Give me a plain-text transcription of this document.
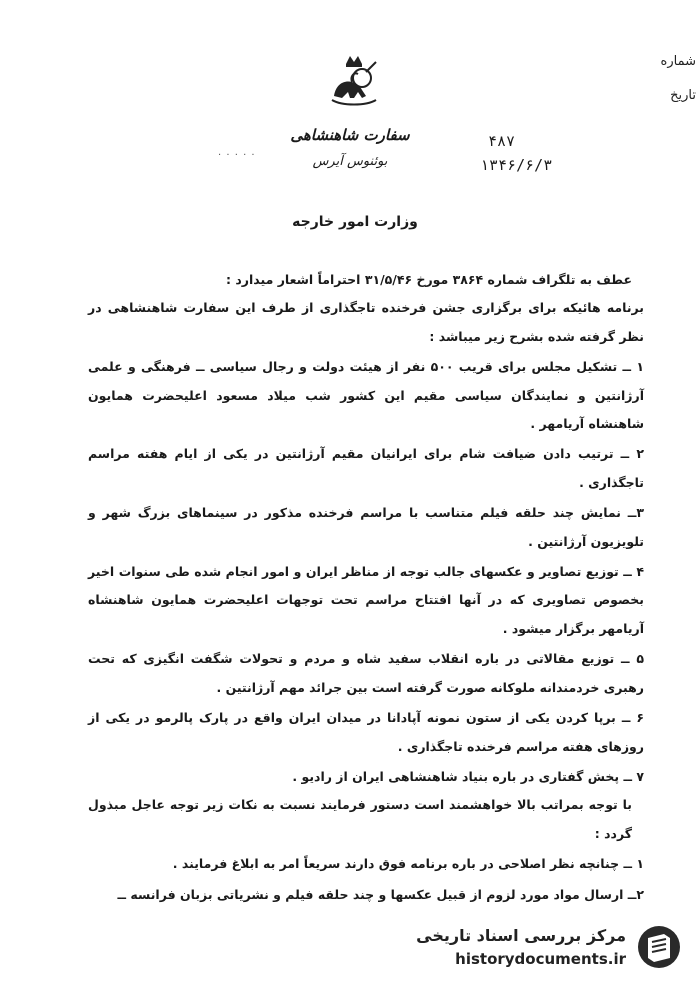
شماره
تاریخ
سفارت شاهنشاهی
بوئنوس آیرس
· · · · ·
۴۸۷
۱۳۴۶/۶/۳
وزارت امور خارجه

عطف به تلگراف شماره ۳۸۶۴ مورخ ۳۱/۵/۴۶ احتراماً اشعار میدارد :

برنامه هائیکه برای برگزاری جشن فرخنده تاجگذاری از طرف این سفارت شاهنشاهی در نظر گرفته شده بشرح زیر میباشد :

۱ ــ تشکیل مجلس برای قریب ۵۰۰ نفر از هیئت دولت و رجال سیاسی ــ فرهنگی و علمی آرژانتین و نمایندگان سیاسی مقیم این کشور شب میلاد مسعود اعلیحضرت همایون شاهنشاه آریامهر .

۲ ــ ترتیب دادن ضیافت شام برای ایرانیان مقیم آرژانتین در یکی از ایام هفته مراسم تاجگذاری .

۳ــ نمایش چند حلقه فیلم متناسب با مراسم فرخنده مذکور در سینماهای بزرگ شهر و تلویزیون آرژانتین .

۴ ــ توزیع تصاویر و عکسهای جالب توجه از مناظر ایران و امور انجام شده طی سنوات اخیر بخصوص تصاویری که در آنها افتتاح مراسم تحت توجهات اعلیحضرت همایون شاهنشاه آریامهر برگزار میشود .

۵ ــ توزیع مقالاتی در باره انقلاب سفید شاه و مردم و تحولات شگفت انگیزی که تحت رهبری خردمندانه ملوکانه صورت گرفته است بین جرائد مهم آرژانتین .

۶ ــ برپا کردن یکی از ستون نمونه آپادانا در میدان ایران واقع در پارک پالرمو در یکی از روزهای هفته مراسم فرخنده تاجگذاری .

۷ ــ پخش گفتاری در باره بنیاد شاهنشاهی ایران از رادیو .

با توجه بمراتب بالا خواهشمند است دستور فرمایند نسبت به نکات زیر توجه عاجل مبذول گردد :

۱ ــ چنانچه نظر اصلاحی در باره برنامه فوق دارند سریعاً امر به ابلاغ فرمایند .

۲ــ ارسال مواد مورد لزوم از قبیل عکسها و چند حلقه فیلم و نشریاتی بزبان فرانسه ــ

مرکز بررسی اسناد تاریخی
historydocuments.ir
